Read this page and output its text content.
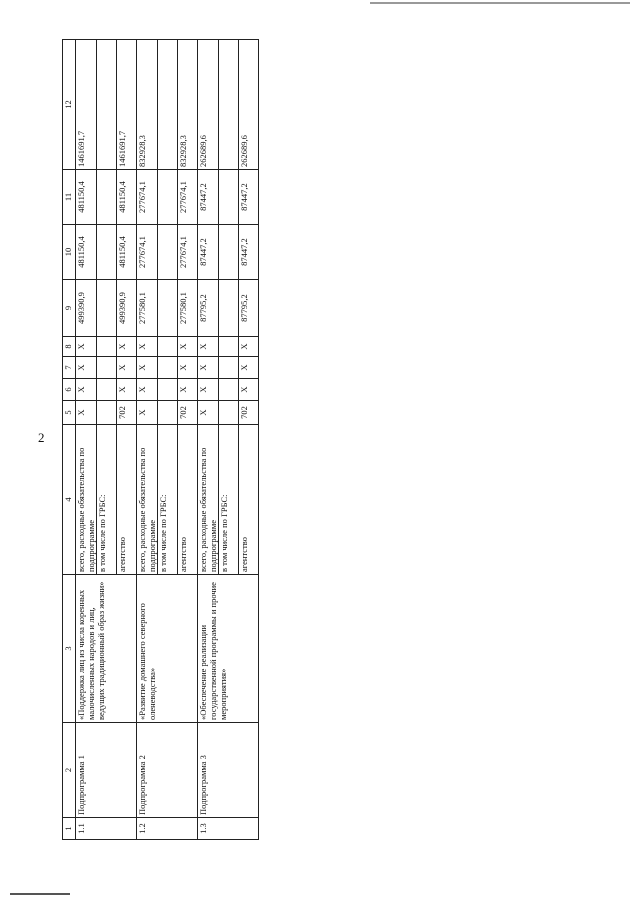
2
1	2	3	4	5	6	7	8	9	10	11	12
1.1	Подпрограмма 1	«Поддержка лиц из числа коренных малочисленных народов и лиц, ведущих традиционный образ жизни»	всего, расходные обязательства по подпрограмме	Х	Х	Х	Х	499390,9	481150,4	481150,4	1461691,7
			в том числе по ГРБС:								
			агентство	702	Х	Х	Х	499390,9	481150,4	481150,4	1461691,7
1.2	Подпрограмма 2	«Развитие домашнего северного оленеводства»	всего, расходные обязательства по подпрограмме	Х	Х	Х	Х	277580,1	277674,1	277674,1	832928,3
			в том числе по ГРБС:								
			агентство	702	Х	Х	Х	277580,1	277674,1	277674,1	832928,3
1.3	Подпрограмма 3	«Обеспечение реализации государственной программы и прочие мероприятия»	всего, расходные обязательства по подпрограмме	Х	Х	Х	Х	87795,2	87447,2	87447,2	262689,6
			в том числе по ГРБС:								
			агентство	702	Х	Х	Х	87795,2	87447,2	87447,2	262689,6
